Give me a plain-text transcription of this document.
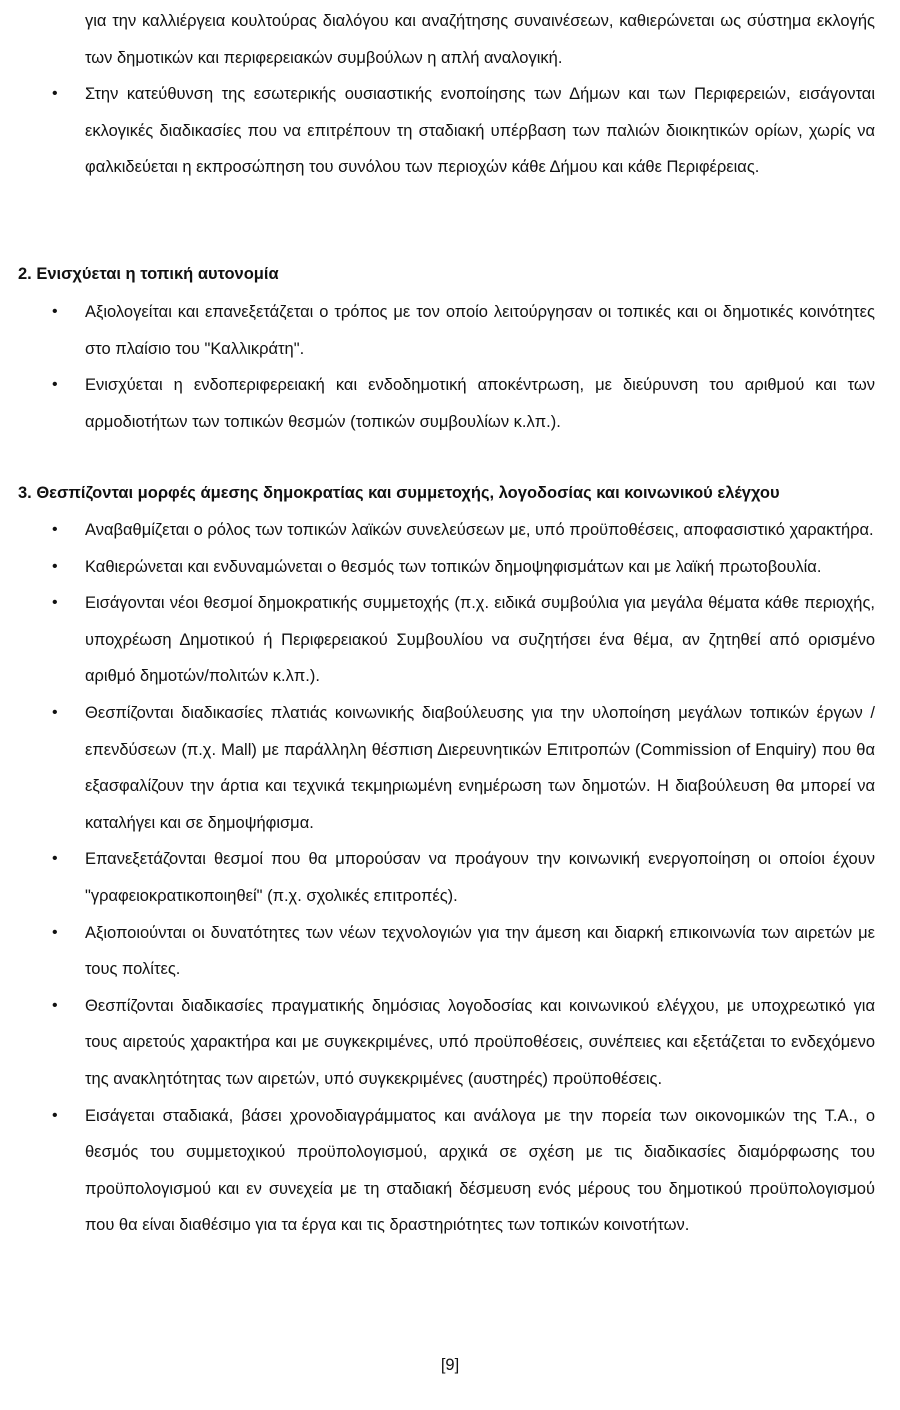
για την καλλιέργεια κουλτούρας διαλόγου και αναζήτησης συναινέσεων, καθιερώνεται ως σύστημα εκλογής των δημοτικών και περιφερειακών συμβούλων η απλή αναλογική.

• Στην κατεύθυνση της εσωτερικής ουσιαστικής ενοποίησης των Δήμων και των Περιφερειών, εισάγονται εκλογικές διαδικασίες που να επιτρέπουν τη σταδιακή υπέρβαση των παλιών διοικητικών ορίων, χωρίς να φαλκιδεύεται η εκπροσώπηση του συνόλου των περιοχών κάθε Δήμου και κάθε Περιφέρειας.
2. Ενισχύεται η τοπική αυτονομία
• Αξιολογείται και επανεξετάζεται ο τρόπος με τον οποίο λειτούργησαν οι τοπικές και οι δημοτικές κοινότητες στο πλαίσιο του "Καλλικράτη".
• Ενισχύεται η ενδοπεριφερειακή και ενδοδημοτική αποκέντρωση, με διεύρυνση του αριθμού και των αρμοδιοτήτων των τοπικών θεσμών (τοπικών συμβουλίων κ.λπ.).
3. Θεσπίζονται μορφές άμεσης δημοκρατίας και συμμετοχής, λογοδοσίας και κοινωνικού ελέγχου
• Αναβαθμίζεται ο ρόλος των τοπικών λαϊκών συνελεύσεων με, υπό προϋποθέσεις, αποφασιστικό χαρακτήρα.
• Καθιερώνεται και ενδυναμώνεται ο θεσμός των τοπικών δημοψηφισμάτων και με λαϊκή πρωτοβουλία.
• Εισάγονται νέοι θεσμοί δημοκρατικής συμμετοχής (π.χ. ειδικά συμβούλια για μεγάλα θέματα κάθε περιοχής, υποχρέωση Δημοτικού ή Περιφερειακού Συμβουλίου να συζητήσει ένα θέμα, αν ζητηθεί από ορισμένο αριθμό δημοτών/πολιτών κ.λπ.).
• Θεσπίζονται διαδικασίες πλατιάς κοινωνικής διαβούλευσης για την υλοποίηση μεγάλων τοπικών έργων / επενδύσεων (π.χ. Mall) με παράλληλη θέσπιση Διερευνητικών Επιτροπών (Commission of Enquiry) που θα εξασφαλίζουν την άρτια και τεχνικά τεκμηριωμένη ενημέρωση των δημοτών. Η διαβούλευση θα μπορεί να καταλήγει και σε δημοψήφισμα.
• Επανεξετάζονται θεσμοί που θα μπορούσαν να προάγουν την κοινωνική ενεργοποίηση οι οποίοι έχουν "γραφειοκρατικοποιηθεί" (π.χ. σχολικές επιτροπές).
• Αξιοποιούνται οι δυνατότητες των νέων τεχνολογιών για την άμεση και διαρκή επικοινωνία των αιρετών με τους πολίτες.
• Θεσπίζονται διαδικασίες πραγματικής δημόσιας λογοδοσίας και κοινωνικού ελέγχου, με υποχρεωτικό για τους αιρετούς χαρακτήρα και με συγκεκριμένες, υπό προϋποθέσεις, συνέπειες και εξετάζεται το ενδεχόμενο της ανακλητότητας των αιρετών, υπό συγκεκριμένες (αυστηρές) προϋποθέσεις.
• Εισάγεται σταδιακά, βάσει χρονοδιαγράμματος και ανάλογα με την πορεία των οικονομικών της Τ.Α., ο θεσμός του συμμετοχικού προϋπολογισμού, αρχικά σε σχέση με τις διαδικασίες διαμόρφωσης του προϋπολογισμού και εν συνεχεία με τη σταδιακή δέσμευση ενός μέρους του δημοτικού προϋπολογισμού που θα είναι διαθέσιμο για τα έργα και τις δραστηριότητες των τοπικών κοινοτήτων.
[9]
